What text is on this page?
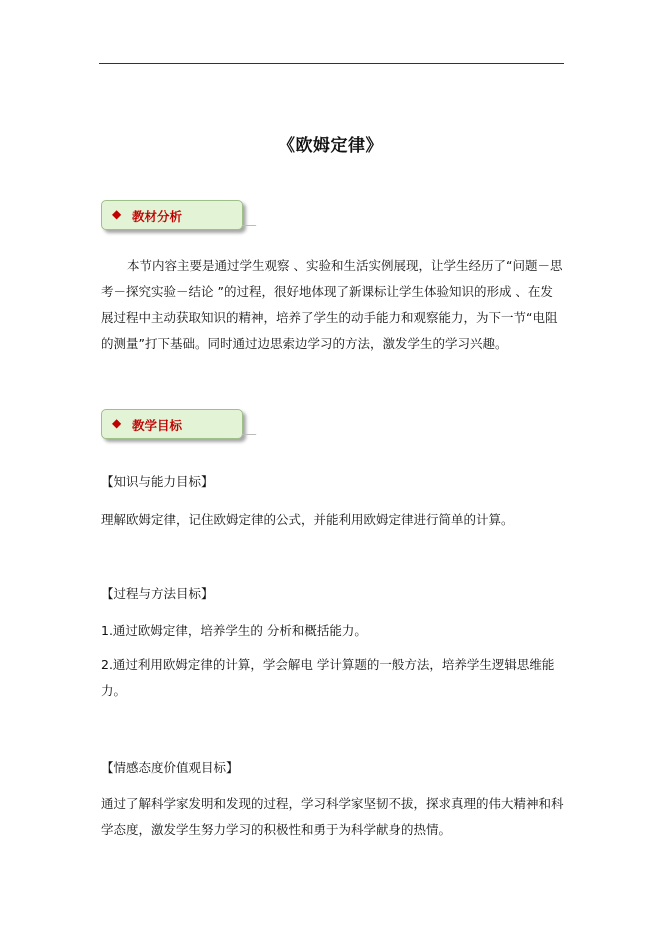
《欧姆定律》
◆ 教材分析
本节内容主要是通过学生观察 、实验和生活实例展现，让学生经历了“问题－思考－探究实验－结论 ”的过程，很好地体现了新课标让学生体验知识的形成 、在发展过程中主动获取知识的精神，培养了学生的动手能力和观察能力，为下一节“电阻的测量”打下基础。同时通过边思索边学习的方法，激发学生的学习兴趣。
◆ 教学目标
【知识与能力目标】
理解欧姆定律，记住欧姆定律的公式，并能利用欧姆定律进行简单的计算。
【过程与方法目标】
1.通过欧姆定律，培养学生的 分析和概括能力。
2.通过利用欧姆定律的计算，学会解电 学计算题的一般方法，培养学生逻辑思维能力。
【情感态度价值观目标】
通过了解科学家发明和发现的过程，学习科学家坚韧不拔，探求真理的伟大精神和科学态度，激发学生努力学习的积极性和勇于为科学献身的热情。
